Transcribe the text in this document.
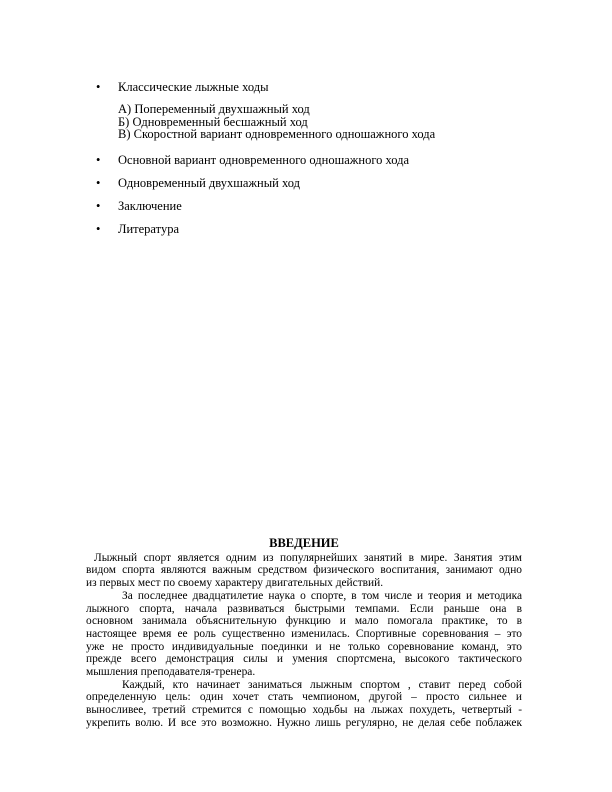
• Классические лыжные ходы
А) Попеременный двухшажный ход
Б) Одновременный бесшажный ход
В) Скоростной вариант одновременного одношажного хода
• Основной вариант одновременного одношажного хода
• Одновременный двухшажный ход
• Заключение
• Литература
ВВЕДЕНИЕ
Лыжный спорт является одним из популярнейших занятий в мире. Занятия этим
видом спорта являются важным средством физического воспитания, занимают одно
из первых мест по своему характеру двигательных действий.
За последнее двадцатилетие наука о спорте, в том числе и теория и методика
лыжного спорта, начала развиваться быстрыми темпами. Если раньше она в
основном занимала объяснительную функцию и мало помогала практике, то в
настоящее время ее роль существенно изменилась. Спортивные соревнования – это
уже не просто индивидуальные поединки и не только соревнование команд, это
прежде всего демонстрация силы и умения спортсмена, высокого тактического
мышления преподавателя-тренера.
Каждый, кто начинает заниматься лыжным спортом , ставит перед собой
определенную цель: один хочет стать чемпионом, другой – просто сильнее и
выносливее, третий стремится с помощью ходьбы на лыжах похудеть, четвертый -
укрепить волю. И все это возможно. Нужно лишь регулярно, не делая себе поблажек
